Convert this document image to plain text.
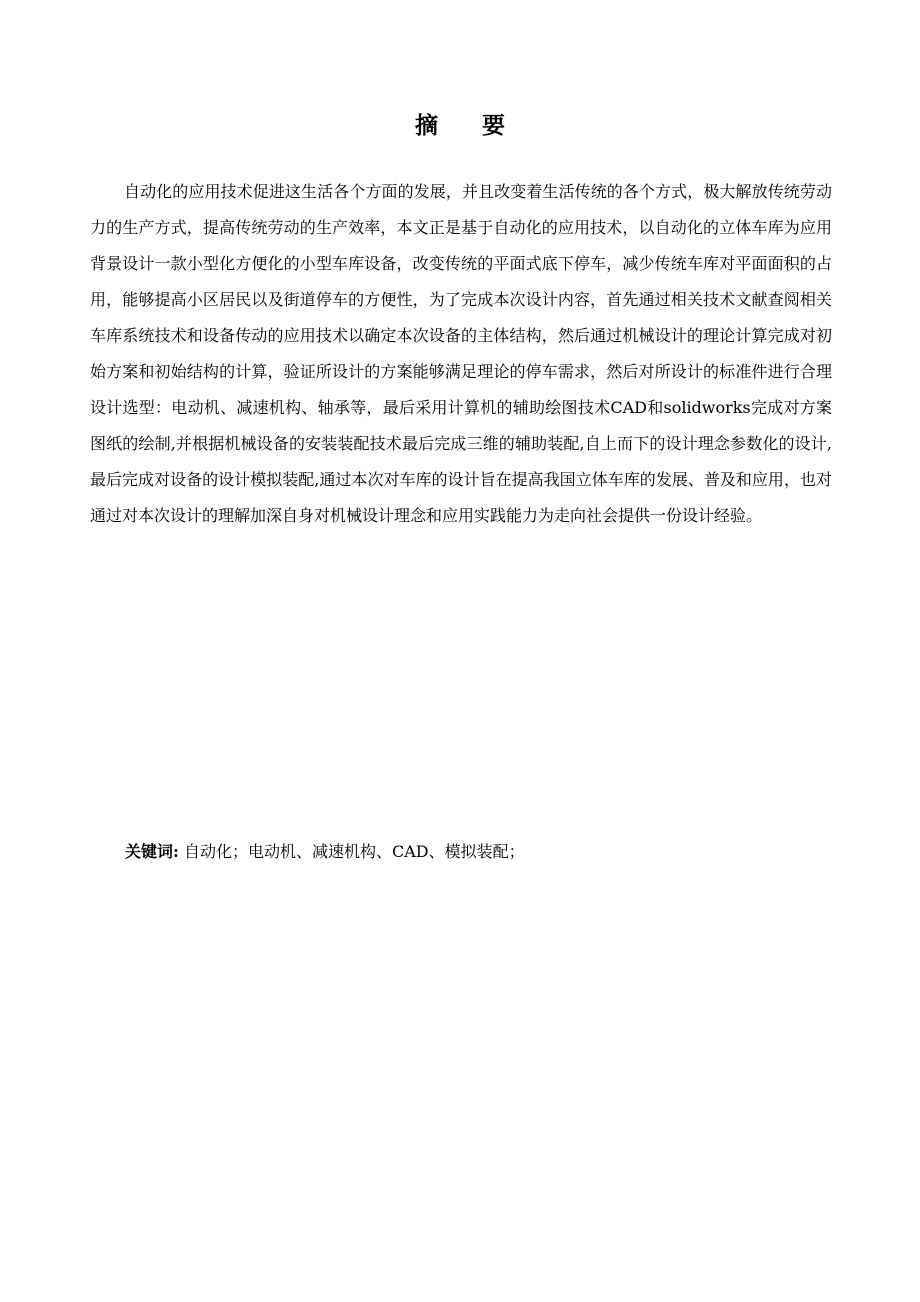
摘 要

自动化的应用技术促进这生活各个方面的发展，并且改变着生活传统的各个方式，极大解放传统劳动力的生产方式，提高传统劳动的生产效率，本文正是基于自动化的应用技术，以自动化的立体车库为应用背景设计一款小型化方便化的小型车库设备，改变传统的平面式底下停车，减少传统车库对平面面积的占用，能够提高小区居民以及街道停车的方便性，为了完成本次设计内容，首先通过相关技术文献查阅相关车库系统技术和设备传动的应用技术以确定本次设备的主体结构，然后通过机械设计的理论计算完成对初始方案和初始结构的计算，验证所设计的方案能够满足理论的停车需求，然后对所设计的标准件进行合理设计选型：电动机、减速机构、轴承等，最后采用计算机的辅助绘图技术CAD和solidworks完成对方案图纸的绘制,并根据机械设备的安装装配技术最后完成三维的辅助装配,自上而下的设计理念参数化的设计,最后完成对设备的设计模拟装配,通过本次对车库的设计旨在提高我国立体车库的发展、普及和应用，也对通过对本次设计的理解加深自身对机械设计理念和应用实践能力为走向社会提供一份设计经验。

关键词: 自动化；电动机、减速机构、CAD、模拟装配；
